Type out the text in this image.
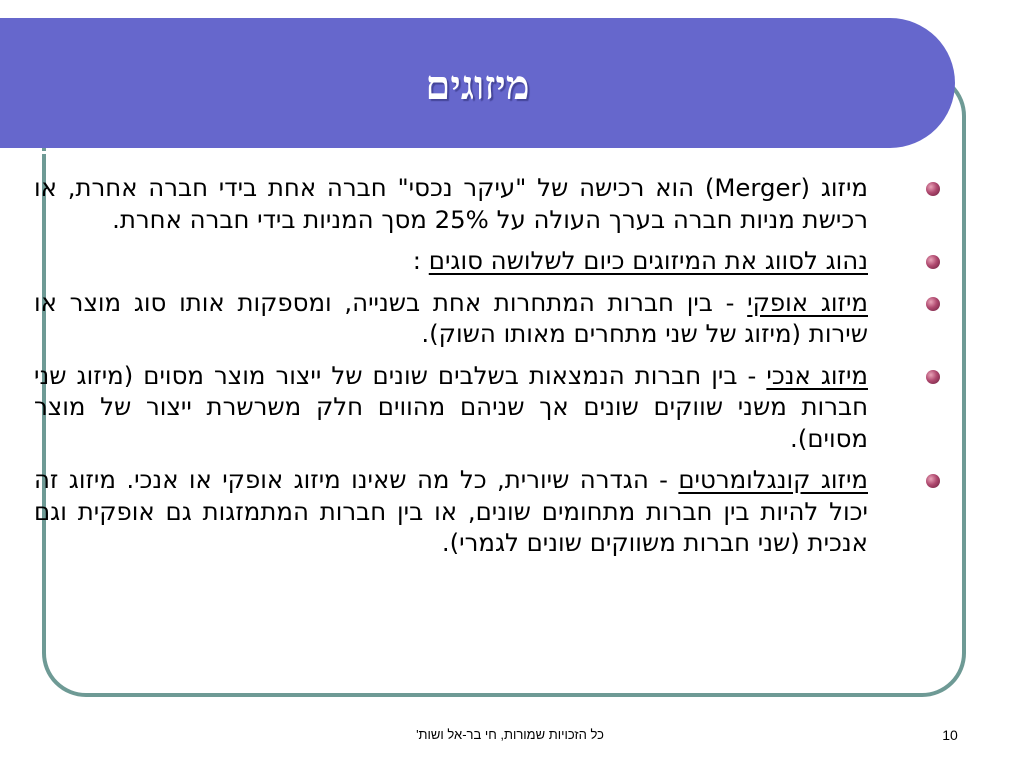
מיזוגים
מיזוג (Merger) הוא רכישה של "עיקר נכסי" חברה אחת בידי חברה אחרת, או רכישת מניות חברה בערך העולה על 25% מסך המניות בידי חברה אחרת.
נהוג לסווג את המיזוגים כיום לשלושה סוגים :
מיזוג אופקי - בין חברות המתחרות אחת בשנייה, ומספקות אותו סוג מוצר או שירות (מיזוג של שני מתחרים מאותו השוק).
מיזוג אנכי - בין חברות הנמצאות בשלבים שונים של ייצור מוצר מסוים (מיזוג שני חברות משני שווקים שונים אך שניהם מהווים חלק משרשרת ייצור של מוצר מסוים).
מיזוג קונגלומרטים - הגדרה שיורית, כל מה שאינו מיזוג אופקי או אנכי. מיזוג זה יכול להיות בין חברות מתחומים שונים, או בין חברות המתמזגות גם אופקית וגם אנכית (שני חברות משווקים שונים לגמרי).
כל הזכויות שמורות, חי בר-אל ושות'	10
